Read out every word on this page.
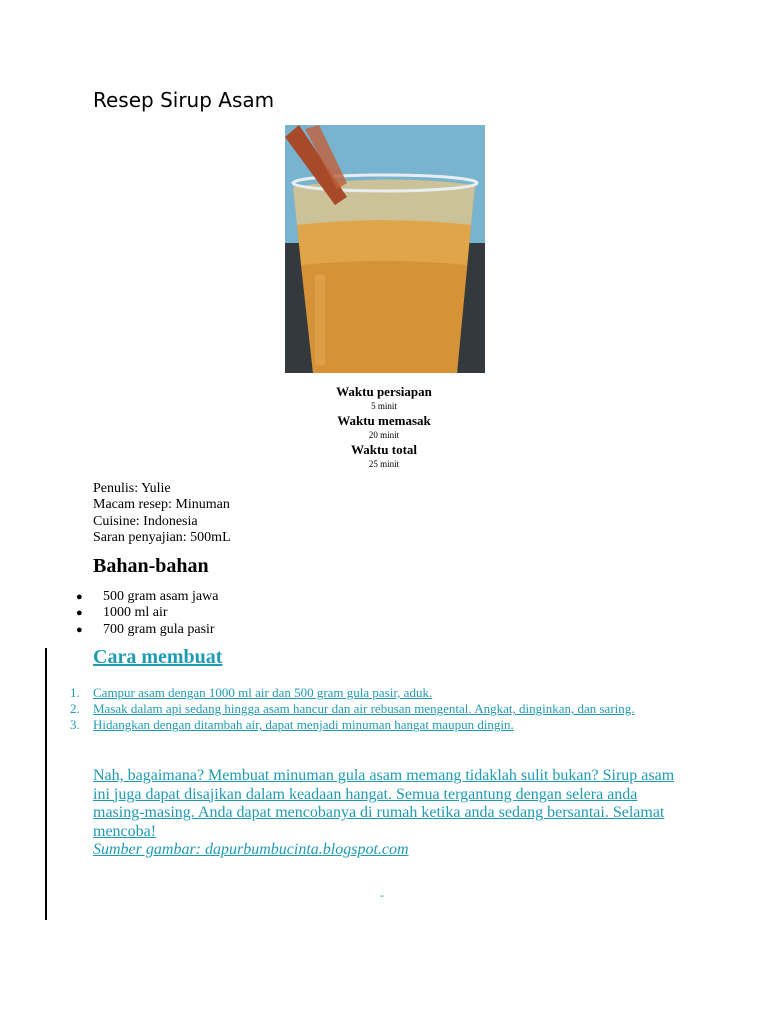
Resep Sirup Asam
Waktu persiapan
5 minit
Waktu memasak
20 minit
Waktu total
25 minit
Penulis: Yulie
Macam resep: Minuman
Cuisine: Indonesia
Saran penyajian: 500mL
Bahan-bahan
● 500 gram asam jawa
● 1000 ml air
● 700 gram gula pasir
Cara membuat
1. Campur asam dengan 1000 ml air dan 500 gram gula pasir, aduk.
2. Masak dalam api sedang hingga asam hancur dan air rebusan mengental. Angkat, dinginkan, dan saring.
3. Hidangkan dengan ditambah air, dapat menjadi minuman hangat maupun dingin.
Nah, bagaimana? Membuat minuman gula asam memang tidaklah sulit bukan? Sirup asam ini juga dapat disajikan dalam keadaan hangat. Semua tergantung dengan selera anda masing-masing. Anda dapat mencobanya di rumah ketika anda sedang bersantai. Selamat mencoba!
Sumber gambar: dapurbumbucinta.blogspot.com
-
